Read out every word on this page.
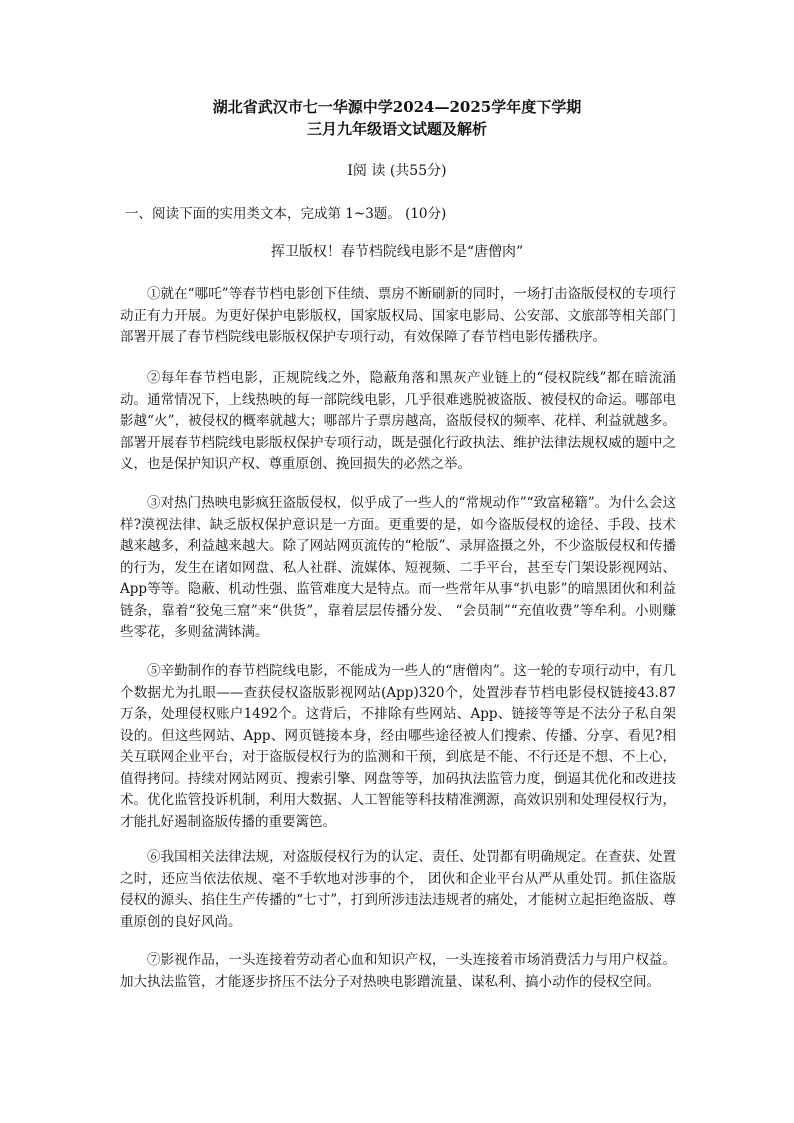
湖北省武汉市七一华源中学2024—2025学年度下学期
三月九年级语文试题及解析
Ⅰ阅 读 (共55分)
一、阅读下面的实用类文本，完成第 1~3题。 (10分)
挥卫版权！春节档院线电影不是“唐僧肉”

①就在“哪吒”等春节档电影创下佳绩、票房不断刷新的同时，一场打击盗版侵权的专项行动正有力开展。为更好保护电影版权，国家版权局、国家电影局、公安部、文旅部等相关部门部署开展了春节档院线电影版权保护专项行动，有效保障了春节档电影传播秩序。

②每年春节档电影，正规院线之外，隐蔽角落和黑灰产业链上的“侵权院线”都在暗流涌动。通常情况下，上线热映的每一部院线电影，几乎很难逃脱被盗版、被侵权的命运。哪部电影越“火”，被侵权的概率就越大；哪部片子票房越高，盗版侵权的频率、花样、利益就越多。部署开展春节档院线电影版权保护专项行动，既是强化行政执法、维护法律法规权威的题中之义，也是保护知识产权、尊重原创、挽回损失的必然之举。

③对热门热映电影疯狂盗版侵权，似乎成了一些人的“常规动作”“致富秘籍”。为什么会这样?漠视法律、缺乏版权保护意识是一方面。更重要的是，如今盗版侵权的途径、手段、技术越来越多，利益越来越大。除了网站网页流传的“枪版”、录屏盗摄之外，不少盗版侵权和传播的行为，发生在诸如网盘、私人社群、流媒体、短视频、二手平台，甚至专门架设影视网站、App等等。隐蔽、机动性强、监管难度大是特点。而一些常年从事“扒电影”的暗黑团伙和利益链条，靠着“狡兔三窟”来“供货”，靠着层层传播分发、 “会员制”“充值收费”等牟利。小则赚些零花，多则盆满钵满。

⑤辛勤制作的春节档院线电影，不能成为一些人的“唐僧肉”。这一轮的专项行动中，有几个数据尤为扎眼——查获侵权盗版影视网站(App)320个，处置涉春节档电影侵权链接43.87万条，处理侵权账户1492个。这背后，不排除有些网站、App、链接等等是不法分子私自架设的。但这些网站、App、网页链接本身，经由哪些途径被人们搜索、传播、分享、看见?相关互联网企业平台，对于盗版侵权行为的监测和干预，到底是不能、不行还是不想、不上心，值得拷问。持续对网站网页、搜索引擎、网盘等等，加码执法监管力度，倒逼其优化和改进技术。优化监管投诉机制，利用大数据、人工智能等科技精准溯源，高效识别和处理侵权行为，才能扎好遏制盗版传播的重要篱笆。

⑥我国相关法律法规，对盗版侵权行为的认定、责任、处罚都有明确规定。在查获、处置之时，还应当依法依规、毫不手软地对涉事的个， 团伙和企业平台从严从重处罚。抓住盗版侵权的源头、掐住生产传播的“七寸”，打到所涉违法违规者的痛处，才能树立起拒绝盗版、尊重原创的良好风尚。

⑦影视作品，一头连接着劳动者心血和知识产权，一头连接着市场消费活力与用户权益。加大执法监管，才能逐步挤压不法分子对热映电影蹭流量、谋私利、搞小动作的侵权空间。
